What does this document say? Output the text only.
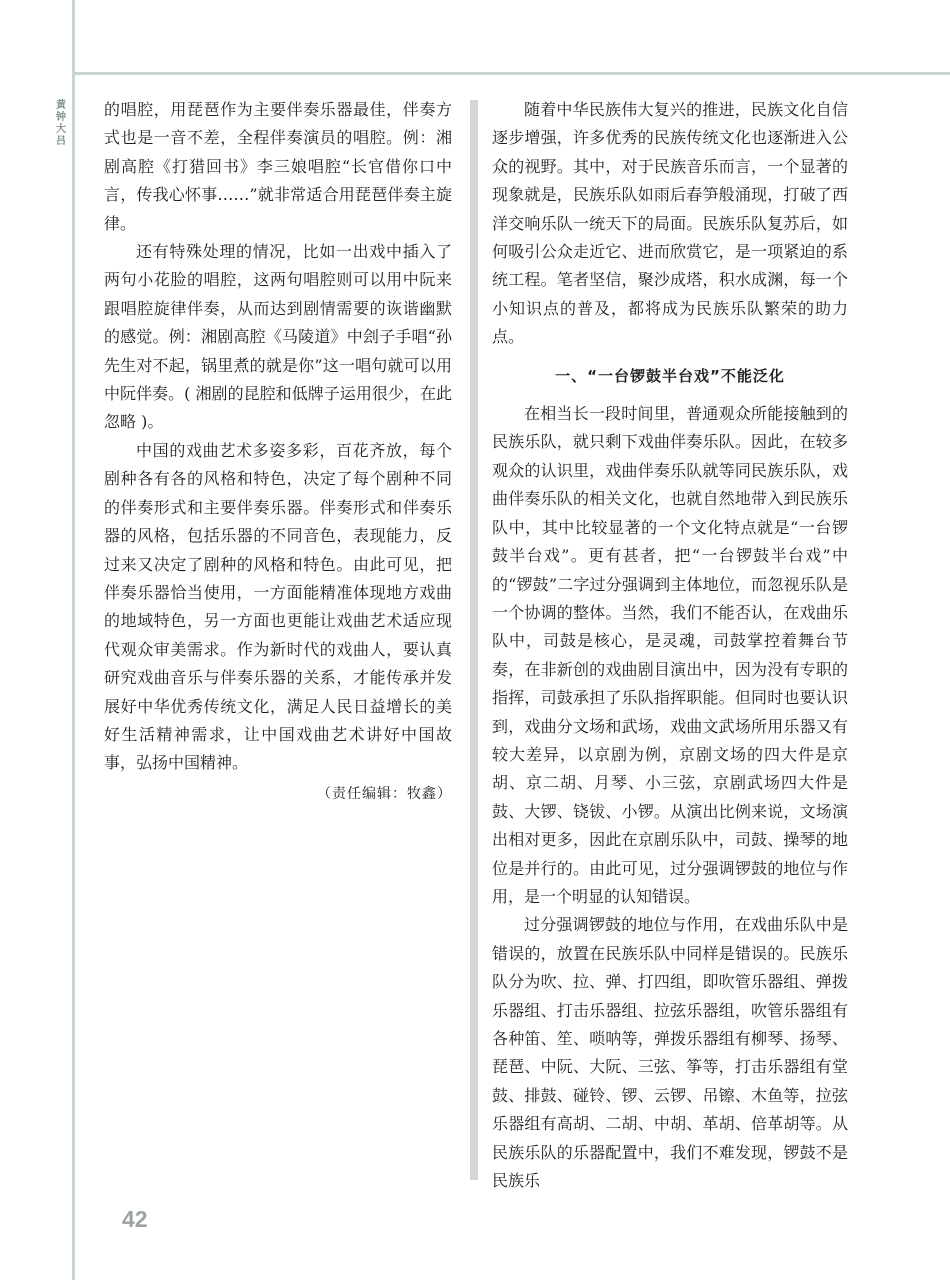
黄钟大吕

的唱腔，用琵琶作为主要伴奏乐器最佳，伴奏方式也是一音不差，全程伴奏演员的唱腔。例：湘剧高腔《打猎回书》李三娘唱腔“长官借你口中言，传我心怀事……”就非常适合用琵琶伴奏主旋律。

还有特殊处理的情况，比如一出戏中插入了两句小花脸的唱腔，这两句唱腔则可以用中阮来跟唱腔旋律伴奏，从而达到剧情需要的诙谐幽默的感觉。例：湘剧高腔《马陵道》中刽子手唱“孙先生对不起，锅里煮的就是你”这一唱句就可以用中阮伴奏。( 湘剧的昆腔和低牌子运用很少，在此忽略 )。

中国的戏曲艺术多姿多彩，百花齐放，每个剧种各有各的风格和特色，决定了每个剧种不同的伴奏形式和主要伴奏乐器。伴奏形式和伴奏乐器的风格，包括乐器的不同音色，表现能力，反过来又决定了剧种的风格和特色。由此可见，把伴奏乐器恰当使用，一方面能精准体现地方戏曲的地域特色，另一方面也更能让戏曲艺术适应现代观众审美需求。作为新时代的戏曲人，要认真研究戏曲音乐与伴奏乐器的关系，才能传承并发展好中华优秀传统文化，满足人民日益增长的美好生活精神需求，让中国戏曲艺术讲好中国故事，弘扬中国精神。

（责任编辑：牧鑫）

随着中华民族伟大复兴的推进，民族文化自信逐步增强，许多优秀的民族传统文化也逐渐进入公众的视野。其中，对于民族音乐而言，一个显著的现象就是，民族乐队如雨后春笋般涌现，打破了西洋交响乐队一统天下的局面。民族乐队复苏后，如何吸引公众走近它、进而欣赏它，是一项紧迫的系统工程。笔者坚信，聚沙成塔，积水成渊，每一个小知识点的普及，都将成为民族乐队繁荣的助力点。

一、“一台锣鼓半台戏”不能泛化

在相当长一段时间里，普通观众所能接触到的民族乐队，就只剩下戏曲伴奏乐队。因此，在较多观众的认识里，戏曲伴奏乐队就等同民族乐队，戏曲伴奏乐队的相关文化，也就自然地带入到民族乐队中，其中比较显著的一个文化特点就是“一台锣鼓半台戏”。更有甚者，把“一台锣鼓半台戏”中的“锣鼓”二字过分强调到主体地位，而忽视乐队是一个协调的整体。当然，我们不能否认，在戏曲乐队中，司鼓是核心，是灵魂，司鼓掌控着舞台节奏，在非新创的戏曲剧目演出中，因为没有专职的指挥，司鼓承担了乐队指挥职能。但同时也要认识到，戏曲分文场和武场，戏曲文武场所用乐器又有较大差异，以京剧为例，京剧文场的四大件是京胡、京二胡、月琴、小三弦，京剧武场四大件是鼓、大锣、铙钹、小锣。从演出比例来说，文场演出相对更多，因此在京剧乐队中，司鼓、操琴的地位是并行的。由此可见，过分强调锣鼓的地位与作用，是一个明显的认知错误。

过分强调锣鼓的地位与作用，在戏曲乐队中是错误的，放置在民族乐队中同样是错误的。民族乐队分为吹、拉、弹、打四组，即吹管乐器组、弹拨乐器组、打击乐器组、拉弦乐器组，吹管乐器组有各种笛、笙、唢呐等，弹拨乐器组有柳琴、扬琴、琵琶、中阮、大阮、三弦、筝等，打击乐器组有堂鼓、排鼓、碰铃、锣、云锣、吊镲、木鱼等，拉弦乐器组有高胡、二胡、中胡、革胡、倍革胡等。从民族乐队的乐器配置中，我们不难发现，锣鼓不是民族乐

42
